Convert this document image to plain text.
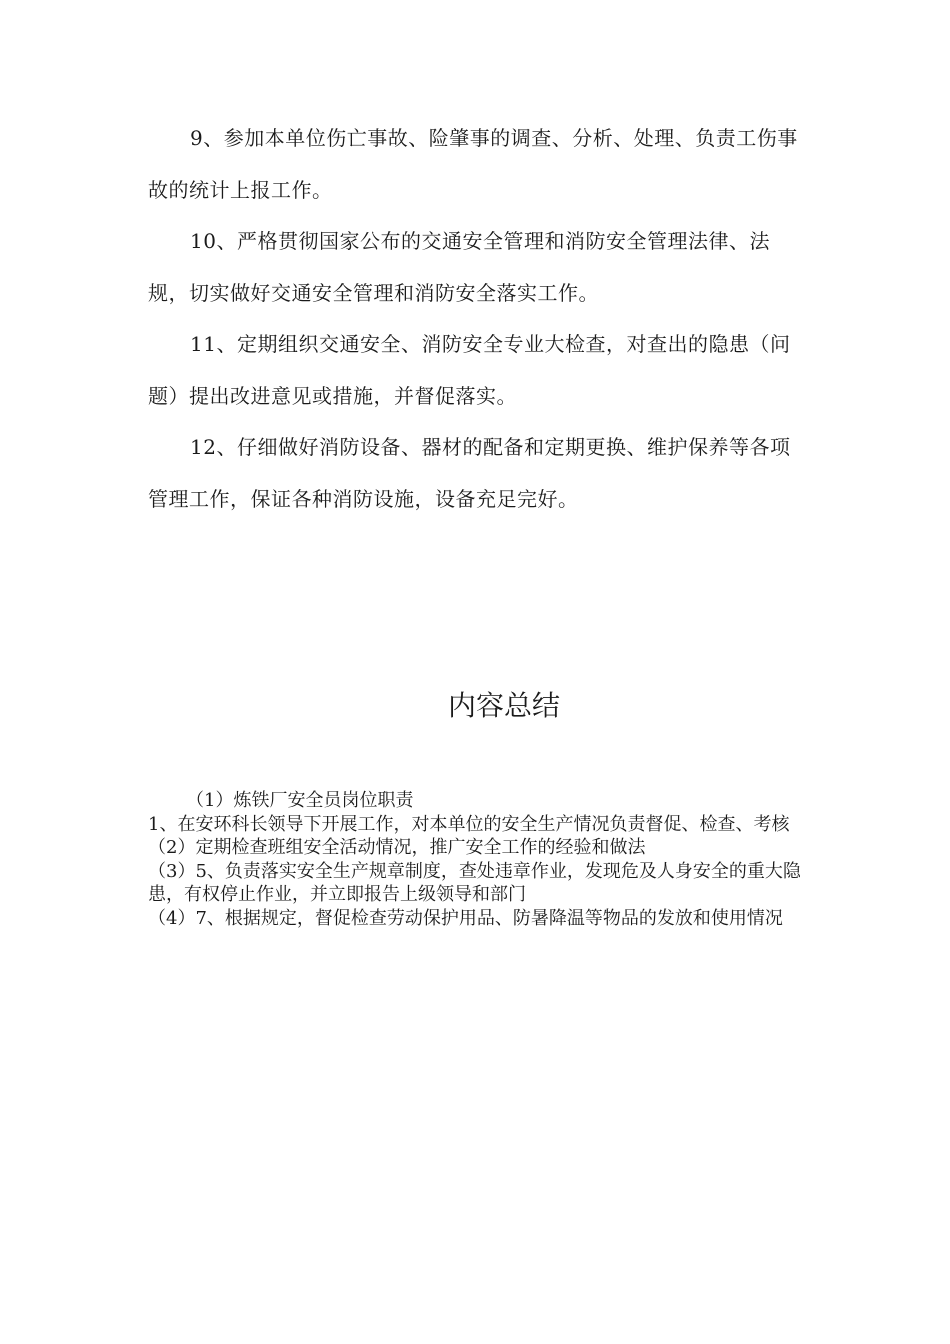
9、参加本单位伤亡事故、险肇事的调查、分析、处理、负责工伤事故的统计上报工作。

10、严格贯彻国家公布的交通安全管理和消防安全管理法律、法规，切实做好交通安全管理和消防安全落实工作。

11、定期组织交通安全、消防安全专业大检查，对查出的隐患（问题）提出改进意见或措施，并督促落实。

12、仔细做好消防设备、器材的配备和定期更换、维护保养等各项管理工作，保证各种消防设施，设备充足完好。

内容总结

（1）炼铁厂安全员岗位职责

1、在安环科长领导下开展工作，对本单位的安全生产情况负责督促、检查、考核

（2）定期检查班组安全活动情况，推广安全工作的经验和做法

（3）5、负责落实安全生产规章制度，查处违章作业，发现危及人身安全的重大隐患，有权停止作业，并立即报告上级领导和部门

（4）7、根据规定，督促检查劳动保护用品、防暑降温等物品的发放和使用情况
